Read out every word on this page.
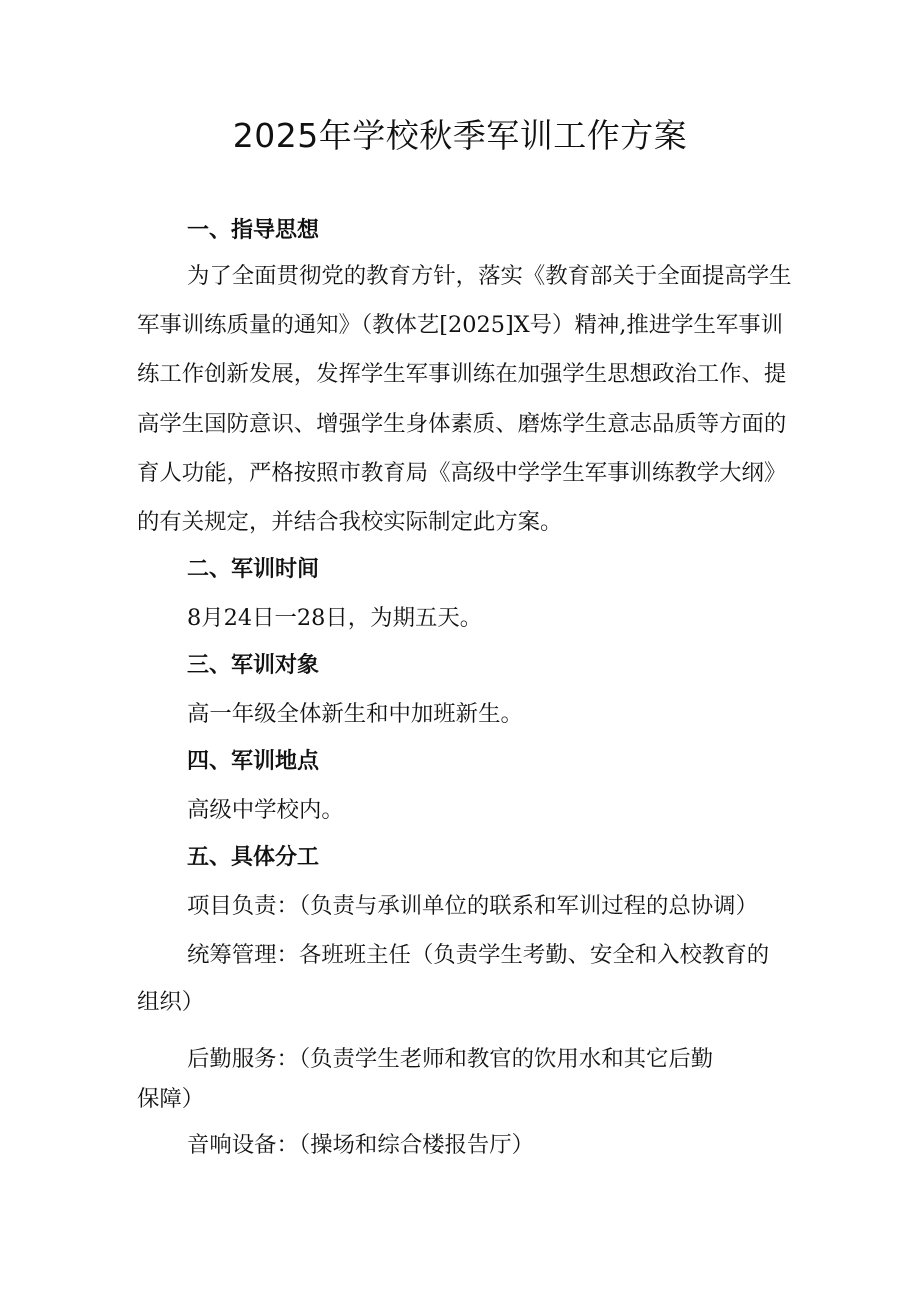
2025年学校秋季军训工作方案
一、指导思想
为了全面贯彻党的教育方针，落实《教育部关于全面提高学生军事训练质量的通知》（教体艺[2025]X号）精神,推进学生军事训练工作创新发展，发挥学生军事训练在加强学生思想政治工作、提高学生国防意识、增强学生身体素质、磨炼学生意志品质等方面的育人功能，严格按照市教育局《高级中学学生军事训练教学大纲》的有关规定，并结合我校实际制定此方案。
二、军训时间
8月24日一28日，为期五天。
三、军训对象
高一年级全体新生和中加班新生。
四、军训地点
高级中学校内。
五、具体分工
项目负责：（负责与承训单位的联系和军训过程的总协调）
统筹管理：各班班主任（负责学生考勤、安全和入校教育的
组织）
后勤服务：（负责学生老师和教官的饮用水和其它后勤
保障）
音响设备：（操场和综合楼报告厅）
